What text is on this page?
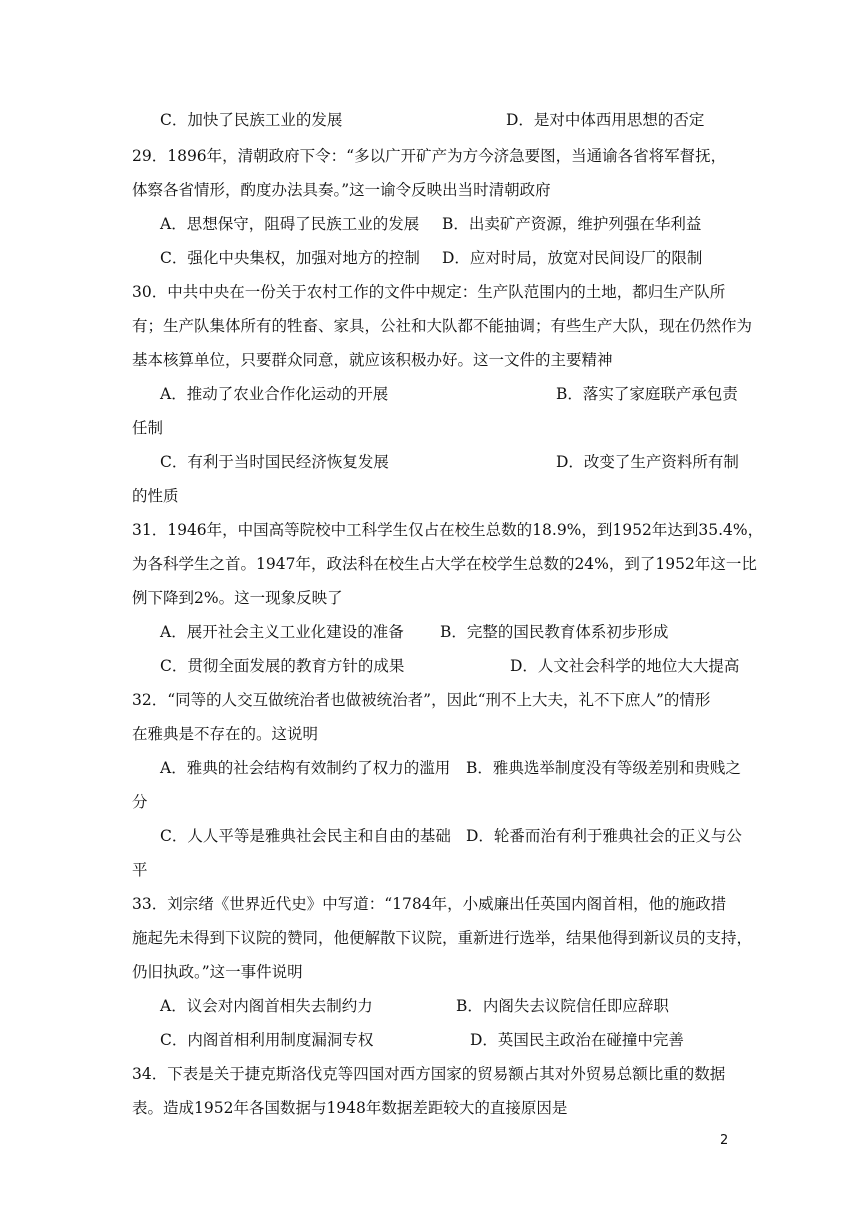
C．加快了民族工业的发展	D．是对中体西用思想的否定
29．1896年，清朝政府下令：“多以广开矿产为方今济急要图，当通谕各省将军督抚，
体察各省情形，酌度办法具奏。”这一谕令反映出当时清朝政府
A．思想保守，阻碍了民族工业的发展 B．出卖矿产资源，维护列强在华利益
C．强化中央集权，加强对地方的控制 D．应对时局，放宽对民间设厂的限制
30．中共中央在一份关于农村工作的文件中规定：生产队范围内的土地，都归生产队所
有；生产队集体所有的牲畜、家具，公社和大队都不能抽调；有些生产大队，现在仍然作为
基本核算单位，只要群众同意，就应该积极办好。这一文件的主要精神
A．推动了农业合作化运动的开展	B．落实了家庭联产承包责
任制
C．有利于当时国民经济恢复发展	D．改变了生产资料所有制
的性质
31．1946年，中国高等院校中工科学生仅占在校生总数的18.9%，到1952年达到35.4%，
为各科学生之首。1947年，政法科在校生占大学在校学生总数的24%，到了1952年这一比
例下降到2%。这一现象反映了
A．展开社会主义工业化建设的准备 B．完整的国民教育体系初步形成
C．贯彻全面发展的教育方针的成果	D．人文社会科学的地位大大提高
32．“同等的人交互做统治者也做被统治者”，因此“刑不上大夫，礼不下庶人”的情形
在雅典是不存在的。这说明
A．雅典的社会结构有效制约了权力的滥用 B．雅典选举制度没有等级差别和贵贱之
分
C．人人平等是雅典社会民主和自由的基础 D．轮番而治有利于雅典社会的正义与公
平
33．刘宗绪《世界近代史》中写道：“1784年，小威廉出任英国内阁首相，他的施政措
施起先未得到下议院的赞同，他便解散下议院，重新进行选举，结果他得到新议员的支持，
仍旧执政。”这一事件说明
A．议会对内阁首相失去制约力	B．内阁失去议院信任即应辞职
C．内阁首相利用制度漏洞专权	D．英国民主政治在碰撞中完善
34．下表是关于捷克斯洛伐克等四国对西方国家的贸易额占其对外贸易总额比重的数据
表。造成1952年各国数据与1948年数据差距较大的直接原因是
2
